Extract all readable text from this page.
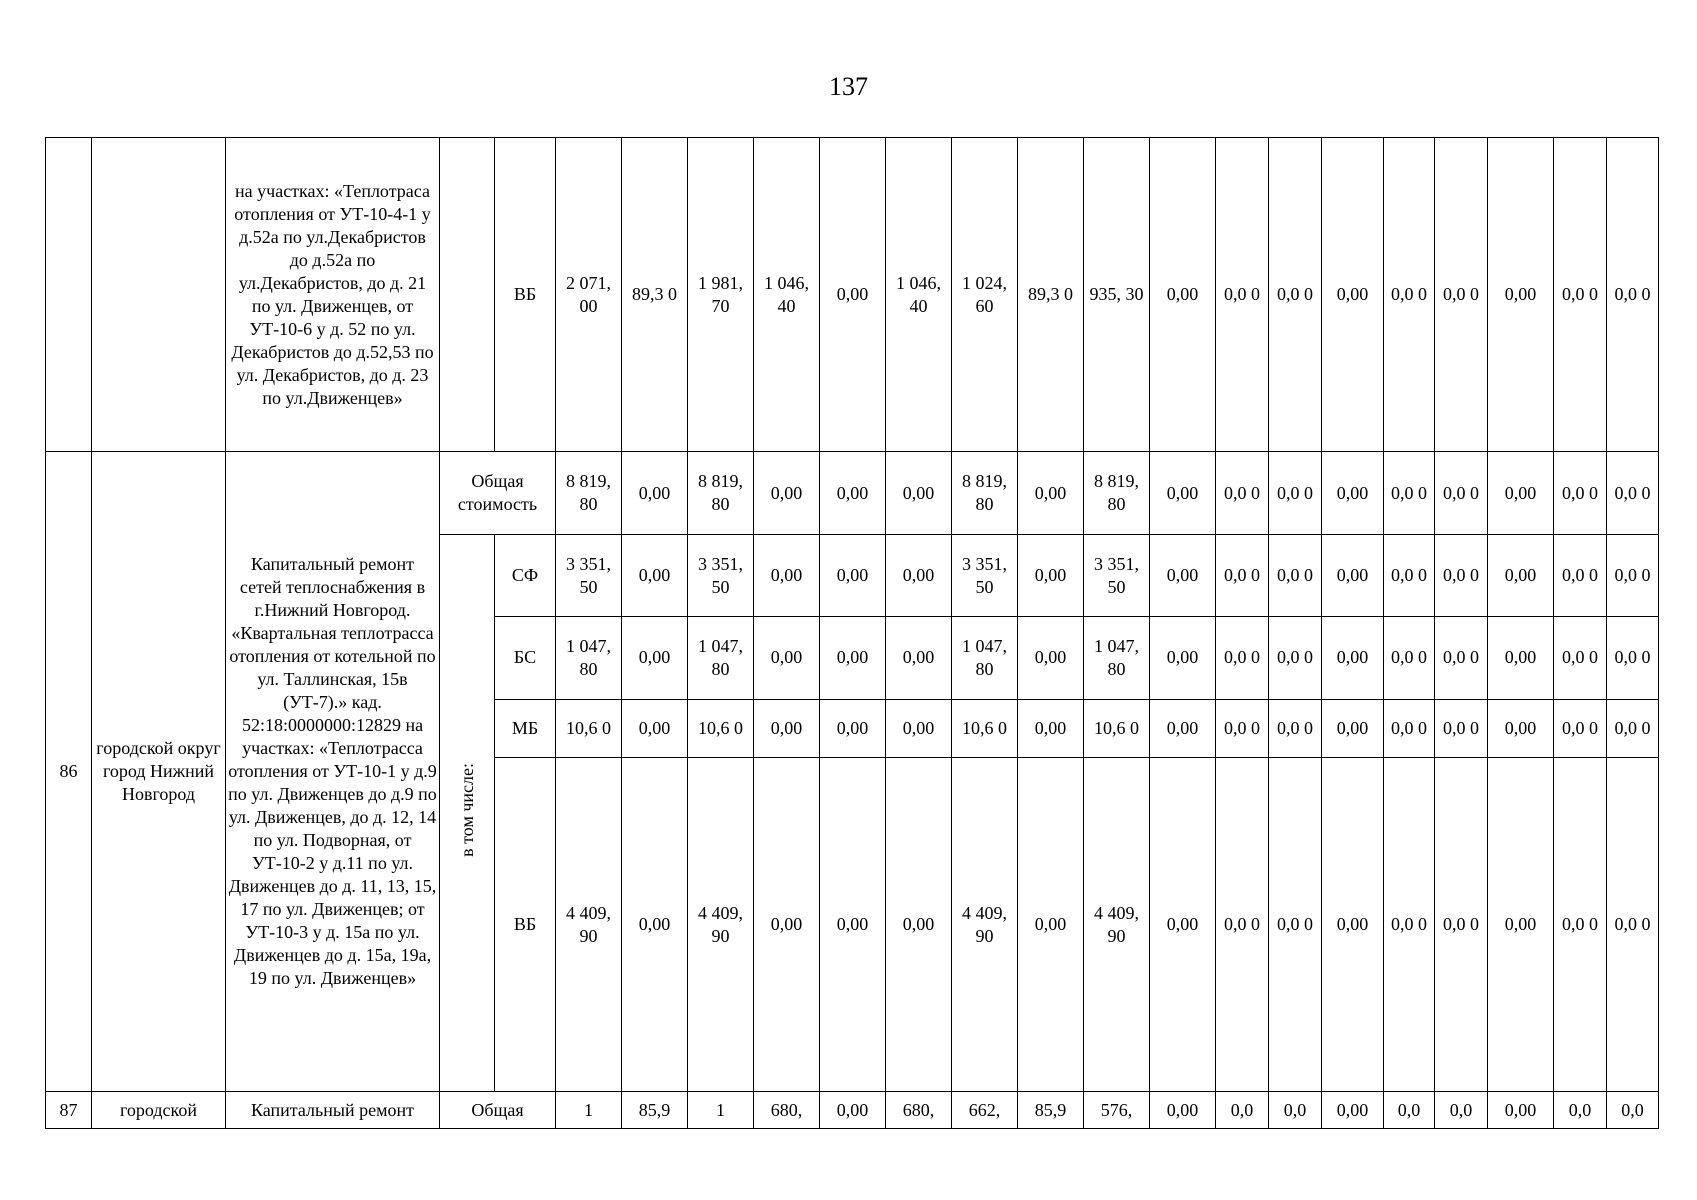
137
		на участках: «Теплотраса отопления от УТ-10-4-1 у д.52а по ул.Декабристов до д.52а по ул.Декабристов, до д. 21 по ул. Движенцев, от УТ-10-6 у д. 52 по ул. Декабристов до д.52,53 по ул. Декабристов, до д. 23 по ул.Движенцев»		ВБ	2 071, 00	89,3 0	1 981, 70	1 046, 40	0,00	1 046, 40	1 024, 60	89,3 0	935, 30	0,00	0,0 0	0,0 0	0,00	0,0 0	0,0 0	0,00	0,0 0	0,0 0
86	городской округ город Нижний Новгород	Капитальный ремонт сетей теплоснабжения в г.Нижний Новгород. «Квартальная теплотрасса отопления от котельной по ул. Таллинская, 15в (УТ-7).» кад. 52:18:0000000:12829 на участках: «Теплотрасса отопления от УТ-10-1 у д.9 по ул. Движенцев до д.9 по ул. Движенцев, до д. 12, 14 по ул. Подворная, от УТ-10-2 у д.11 по ул. Движенцев до д. 11, 13, 15, 17 по ул. Движенцев; от УТ-10-3 у д. 15а по ул. Движенцев до д. 15а, 19а, 19 по ул. Движенцев»	Общая стоимость		8 819, 80	0,00	8 819, 80	0,00	0,00	0,00	8 819, 80	0,00	8 819, 80	0,00	0,0 0	0,0 0	0,00	0,0 0	0,0 0	0,00	0,0 0	0,0 0
			в том числе:	СФ	3 351, 50	0,00	3 351, 50	0,00	0,00	0,00	3 351, 50	0,00	3 351, 50	0,00	0,0 0	0,0 0	0,00	0,0 0	0,0 0	0,00	0,0 0	0,0 0
				БС	1 047, 80	0,00	1 047, 80	0,00	0,00	0,00	1 047, 80	0,00	1 047, 80	0,00	0,0 0	0,0 0	0,00	0,0 0	0,0 0	0,00	0,0 0	0,0 0
				МБ	10,6 0	0,00	10,6 0	0,00	0,00	0,00	10,6 0	0,00	10,6 0	0,00	0,0 0	0,0 0	0,00	0,0 0	0,0 0	0,00	0,0 0	0,0 0
				ВБ	4 409, 90	0,00	4 409, 90	0,00	0,00	0,00	4 409, 90	0,00	4 409, 90	0,00	0,0 0	0,0 0	0,00	0,0 0	0,0 0	0,00	0,0 0	0,0 0
87	городской	Капитальный ремонт	Общая		1	85,9	1	680,	0,00	680,	662,	85,9	576,	0,00	0,0	0,0	0,00	0,0	0,0	0,00	0,0	0,0
